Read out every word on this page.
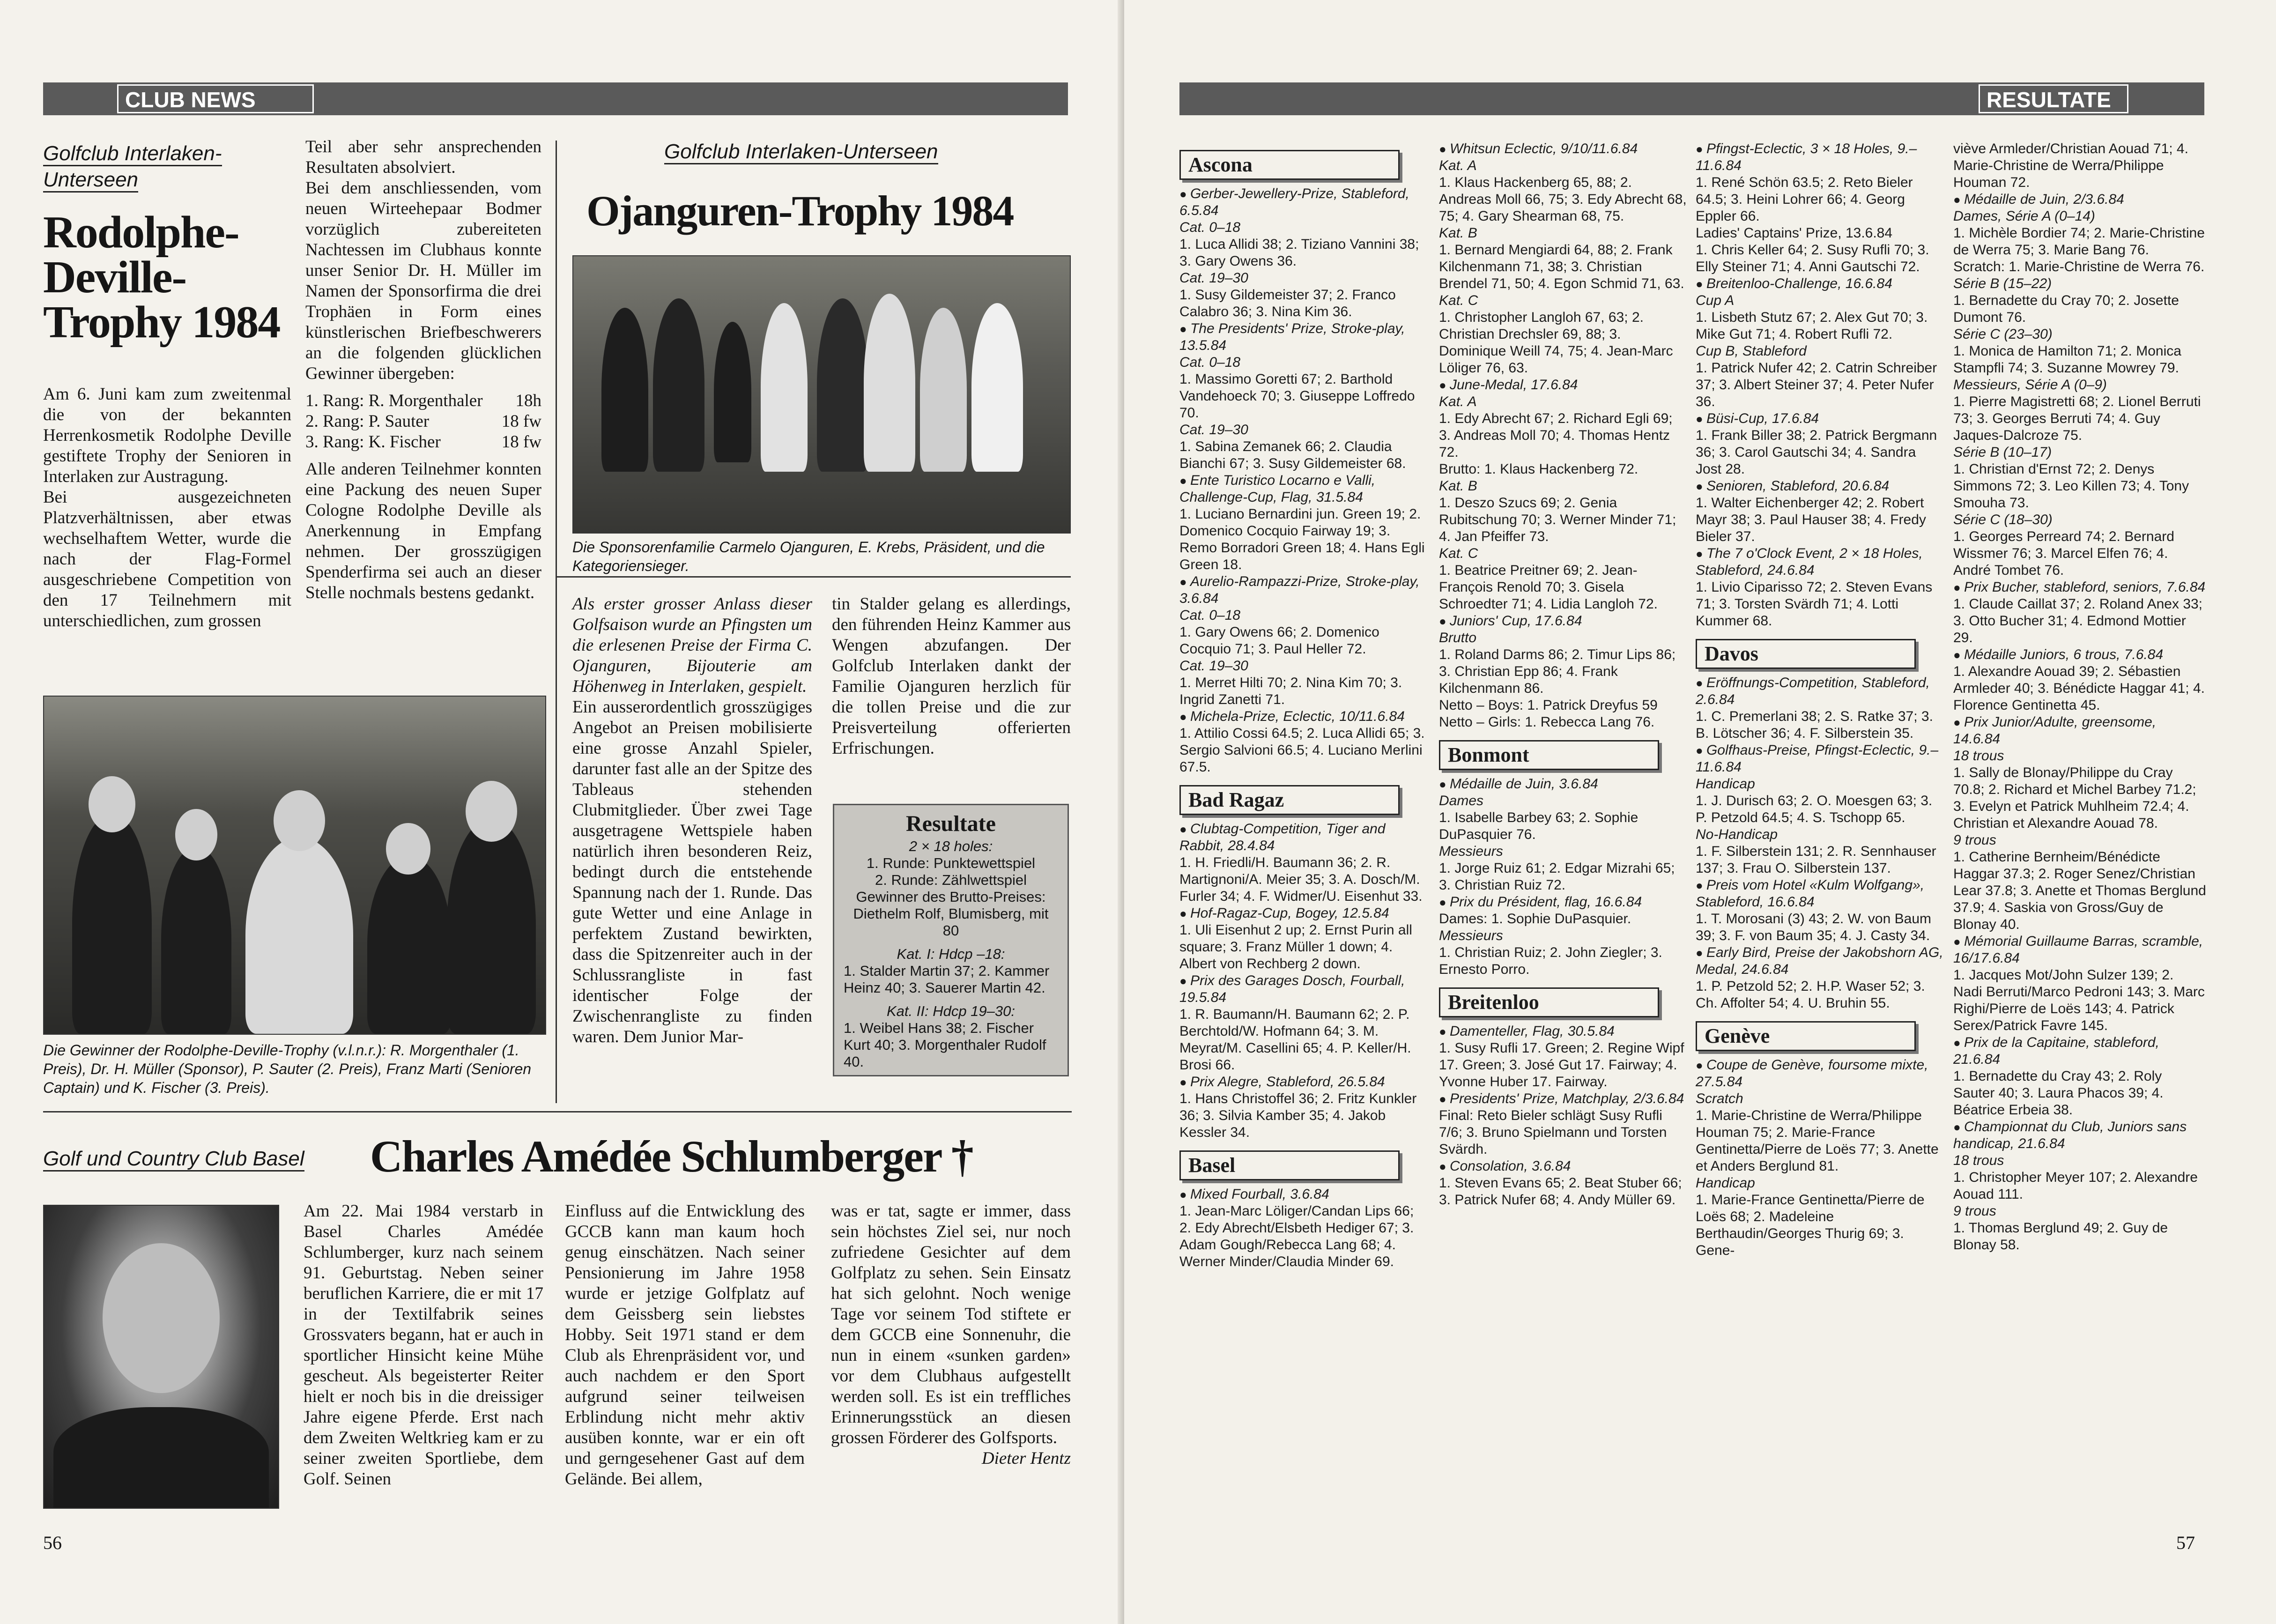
CLUB NEWS
Golfclub Interlaken-Unterseen
Rodolphe-Deville-Trophy 1984

Am 6. Juni kam zum zweitenmal die von der bekannten Herrenkosmetik Rodolphe Deville gestiftete Trophy der Senioren in Interlaken zur Austragung.

Bei ausgezeichneten Platzverhältnissen, aber etwas wechselhaftem Wetter, wurde die nach der Flag-Formel ausgeschriebene Competition von den 17 Teilnehmern mit unterschiedlichen, zum grossen

Teil aber sehr ansprechenden Resultaten absolviert.

Bei dem anschliessenden, vom neuen Wirteehepaar Bodmer vorzüglich zubereiteten Nachtessen im Clubhaus konnte unser Senior Dr. H. Müller im Namen der Sponsorfirma die drei Trophäen in Form eines künstlerischen Briefbeschwerers an die folgenden glücklichen Gewinner übergeben:

1. Rang: R. Morgenthaler 18h
2. Rang: P. Sauter	18 fw
3. Rang: K. Fischer	18 fw

Alle anderen Teilnehmer konnten eine Packung des neuen Super Cologne Rodolphe Deville als Anerkennung in Empfang nehmen. Der grosszügigen Spenderfirma sei auch an dieser Stelle nochmals bestens gedankt.

Die Gewinner der Rodolphe-Deville-Trophy (v.l.n.r.): R. Morgenthaler (1. Preis), Dr. H. Müller (Sponsor), P. Sauter (2. Preis), Franz Marti (Senioren Captain) und K. Fischer (3. Preis).
Golfclub Interlaken-Unterseen
Ojanguren-Trophy 1984
Die Sponsorenfamilie Carmelo Ojanguren, E. Krebs, Präsident, und die Kategoriensieger.

Als erster grosser Anlass dieser Golfsaison wurde an Pfingsten um die erlesenen Preise der Firma C. Ojanguren, Bijouterie am Höhenweg in Interlaken, gespielt.

Ein ausserordentlich grosszügiges Angebot an Preisen mobilisierte eine grosse Anzahl Spieler, darunter fast alle an der Spitze des Tableaus stehenden Clubmitglieder. Über zwei Tage ausgetragene Wettspiele haben natürlich ihren besonderen Reiz, bedingt durch die entstehende Spannung nach der 1. Runde. Das gute Wetter und eine Anlage in perfektem Zustand bewirkten, dass die Spitzenreiter auch in der Schlussrangliste in fast identischer Folge der Zwischenrangliste zu finden waren. Dem Junior Mar-

tin Stalder gelang es allerdings, den führenden Heinz Kammer aus Wengen abzufangen. Der Golfclub Interlaken dankt der Familie Ojanguren herzlich für die tollen Preise und die zur Preisverteilung offerierten Erfrischungen.

Resultate
2 × 18 holes:
1. Runde: Punktewettspiel
2. Runde: Zählwettspiel
Gewinner des Brutto-Preises:
Diethelm Rolf, Blumisberg, mit 80
Kat. I: Hdcp –18:
1. Stalder Martin 37; 2. Kammer Heinz 40; 3. Sauerer Martin 42.
Kat. II: Hdcp 19–30:
1. Weibel Hans 38; 2. Fischer Kurt 40; 3. Morgenthaler Rudolf 40.
Golf und Country Club Basel	Charles Amédée Schlumberger †
Am 22. Mai 1984 verstarb in Basel Charles Amédée Schlumberger, kurz nach seinem 91. Geburtstag. Neben seiner beruflichen Karriere, die er mit 17 in der Textilfabrik seines Grossvaters begann, hat er auch in sportlicher Hinsicht keine Mühe gescheut. Als begeisterter Reiter hielt er noch bis in die dreissiger Jahre eigene Pferde. Erst nach dem Zweiten Weltkrieg kam er zu seiner zweiten Sportliebe, dem Golf. Seinen
Einfluss auf die Entwicklung des GCCB kann man kaum hoch genug einschätzen. Nach seiner Pensionierung im Jahre 1958 wurde er jetzige Golfplatz auf dem Geissberg sein liebstes Hobby. Seit 1971 stand er dem Club als Ehrenpräsident vor, und auch nachdem er den Sport aufgrund seiner teilweisen Erblindung nicht mehr aktiv ausüben konnte, war er ein oft und gerngesehener Gast auf dem Gelände. Bei allem,

was er tat, sagte er immer, dass sein höchstes Ziel sei, nur noch zufriedene Gesichter auf dem Golfplatz zu sehen. Sein Einsatz hat sich gelohnt. Noch wenige Tage vor seinem Tod stiftete er dem GCCB eine Sonnenuhr, die nun in einem «sunken garden» vor dem Clubhaus aufgestellt werden soll. Es ist ein treffliches Erinnerungsstück an diesen grossen Förderer des Golfsports.

Dieter Hentz

56
RESULTATE
Ascona
● Gerber-Jewellery-Prize, Stableford, 6.5.84
Cat. 0–18
1. Luca Allidi 38; 2. Tiziano Vannini 38; 3. Gary Owens 36.
Cat. 19–30
1. Susy Gildemeister 37; 2. Franco Calabro 36; 3. Nina Kim 36.
● The Presidents' Prize, Stroke-play, 13.5.84
Cat. 0–18
1. Massimo Goretti 67; 2. Barthold Vandehoeck 70; 3. Giuseppe Loffredo 70.
Cat. 19–30
1. Sabina Zemanek 66; 2. Claudia Bianchi 67; 3. Susy Gildemeister 68.
● Ente Turistico Locarno e Valli, Challenge-Cup, Flag, 31.5.84
1. Luciano Bernardini jun. Green 19; 2. Domenico Cocquio Fairway 19; 3. Remo Borradori Green 18; 4. Hans Egli Green 18.
● Aurelio-Rampazzi-Prize, Stroke-play, 3.6.84
Cat. 0–18
1. Gary Owens 66; 2. Domenico Cocquio 71; 3. Paul Heller 72.
Cat. 19–30
1. Merret Hilti 70; 2. Nina Kim 70; 3. Ingrid Zanetti 71.
● Michela-Prize, Eclectic, 10/11.6.84
1. Attilio Cossi 64.5; 2. Luca Allidi 65; 3. Sergio Salvioni 66.5; 4. Luciano Merlini 67.5.
Bad Ragaz
● Clubtag-Competition, Tiger and Rabbit, 28.4.84
1. H. Friedli/H. Baumann 36; 2. R. Martignoni/A. Meier 35; 3. A. Dosch/M. Furler 34; 4. F. Widmer/U. Eisenhut 33.
● Hof-Ragaz-Cup, Bogey, 12.5.84
1. Uli Eisenhut 2 up; 2. Ernst Purin all square; 3. Franz Müller 1 down; 4. Albert von Rechberg 2 down.
● Prix des Garages Dosch, Fourball, 19.5.84
1. R. Baumann/H. Baumann 62; 2. P. Berchtold/W. Hofmann 64; 3. M. Meyrat/M. Casellini 65; 4. P. Keller/H. Brosi 66.
● Prix Alegre, Stableford, 26.5.84
1. Hans Christoffel 36; 2. Fritz Kunkler 36; 3. Silvia Kamber 35; 4. Jakob Kessler 34.
Basel
● Mixed Fourball, 3.6.84
1. Jean-Marc Löliger/Candan Lips 66; 2. Edy Abrecht/Elsbeth Hediger 67; 3. Adam Gough/Rebecca Lang 68; 4. Werner Minder/Claudia Minder 69.
● Whitsun Eclectic, 9/10/11.6.84
Kat. A
1. Klaus Hackenberg 65, 88; 2. Andreas Moll 66, 75; 3. Edy Abrecht 68, 75; 4. Gary Shearman 68, 75.
Kat. B
1. Bernard Mengiardi 64, 88; 2. Frank Kilchenmann 71, 38; 3. Christian Brendel 71, 50; 4. Egon Schmid 71, 63.
Kat. C
1. Christopher Langloh 67, 63; 2. Christian Drechsler 69, 88; 3. Dominique Weill 74, 75; 4. Jean-Marc Löliger 76, 63.
● June-Medal, 17.6.84
Kat. A
1. Edy Abrecht 67; 2. Richard Egli 69; 3. Andreas Moll 70; 4. Thomas Hentz 72.
Brutto: 1. Klaus Hackenberg 72.
Kat. B
1. Deszo Szucs 69; 2. Genia Rubitschung 70; 3. Werner Minder 71; 4. Jan Pfeiffer 73.
Kat. C
1. Beatrice Preitner 69; 2. Jean-François Renold 70; 3. Gisela Schroedter 71; 4. Lidia Langloh 72.
● Juniors' Cup, 17.6.84
Brutto
1. Roland Darms 86; 2. Timur Lips 86; 3. Christian Epp 86; 4. Frank Kilchenmann 86.
Netto – Boys: 1. Patrick Dreyfus 59
Netto – Girls: 1. Rebecca Lang 76.
Bonmont
● Médaille de Juin, 3.6.84
Dames
1. Isabelle Barbey 63; 2. Sophie DuPasquier 76.
Messieurs
1. Jorge Ruiz 61; 2. Edgar Mizrahi 65; 3. Christian Ruiz 72.
● Prix du Président, flag, 16.6.84
Dames: 1. Sophie DuPasquier.
Messieurs
1. Christian Ruiz; 2. John Ziegler; 3. Ernesto Porro.
Breitenloo
● Damenteller, Flag, 30.5.84
1. Susy Rufli 17. Green; 2. Regine Wipf 17. Green; 3. José Gut 17. Fairway; 4. Yvonne Huber 17. Fairway.
● Presidents' Prize, Matchplay, 2/3.6.84
Final: Reto Bieler schlägt Susy Rufli 7/6; 3. Bruno Spielmann und Torsten Svärdh.
● Consolation, 3.6.84
1. Steven Evans 65; 2. Beat Stuber 66; 3. Patrick Nufer 68; 4. Andy Müller 69.
● Pfingst-Eclectic, 3 × 18 Holes, 9.–11.6.84
1. René Schön 63.5; 2. Reto Bieler 64.5; 3. Heini Lohrer 66; 4. Georg Eppler 66.
Ladies' Captains' Prize, 13.6.84
1. Chris Keller 64; 2. Susy Rufli 70; 3. Elly Steiner 71; 4. Anni Gautschi 72.
● Breitenloo-Challenge, 16.6.84
Cup A
1. Lisbeth Stutz 67; 2. Alex Gut 70; 3. Mike Gut 71; 4. Robert Rufli 72.
Cup B, Stableford
1. Patrick Nufer 42; 2. Catrin Schreiber 37; 3. Albert Steiner 37; 4. Peter Nufer 36.
● Büsi-Cup, 17.6.84
1. Frank Biller 38; 2. Patrick Bergmann 36; 3. Carol Gautschi 34; 4. Sandra Jost 28.
● Senioren, Stableford, 20.6.84
1. Walter Eichenberger 42; 2. Robert Mayr 38; 3. Paul Hauser 38; 4. Fredy Bieler 37.
● The 7 o'Clock Event, 2 × 18 Holes, Stableford, 24.6.84
1. Livio Ciparisso 72; 2. Steven Evans 71; 3. Torsten Svärdh 71; 4. Lotti Kummer 68.
Davos
● Eröffnungs-Competition, Stableford, 2.6.84
1. C. Premerlani 38; 2. S. Ratke 37; 3. B. Lötscher 36; 4. F. Silberstein 35.
● Golfhaus-Preise, Pfingst-Eclectic, 9.–11.6.84
Handicap
1. J. Durisch 63; 2. O. Moesgen 63; 3. P. Petzold 64.5; 4. S. Tschopp 65.
No-Handicap
1. F. Silberstein 131; 2. R. Sennhauser 137; 3. Frau O. Silberstein 137.
● Preis vom Hotel «Kulm Wolfgang», Stableford, 16.6.84
1. T. Morosani (3) 43; 2. W. von Baum 39; 3. F. von Baum 35; 4. J. Casty 34.
● Early Bird, Preise der Jakobshorn AG, Medal, 24.6.84
1. P. Petzold 52; 2. H.P. Waser 52; 3. Ch. Affolter 54; 4. U. Bruhin 55.
Genève
● Coupe de Genève, foursome mixte, 27.5.84
Scratch
1. Marie-Christine de Werra/Philippe Houman 75; 2. Marie-France Gentinetta/Pierre de Loës 77; 3. Anette et Anders Berglund 81.
Handicap
1. Marie-France Gentinetta/Pierre de Loës 68; 2. Madeleine Berthaudin/Georges Thurig 69; 3. Gene-
viève Armleder/Christian Aouad 71; 4. Marie-Christine de Werra/Philippe Houman 72.
● Médaille de Juin, 2/3.6.84
Dames, Série A (0–14)
1. Michèle Bordier 74; 2. Marie-Christine de Werra 75; 3. Marie Bang 76.
Scratch: 1. Marie-Christine de Werra 76.
Série B (15–22)
1. Bernadette du Cray 70; 2. Josette Dumont 76.
Série C (23–30)
1. Monica de Hamilton 71; 2. Monica Stampfli 74; 3. Suzanne Mowrey 79.
Messieurs, Série A (0–9)
1. Pierre Magistretti 68; 2. Lionel Berruti 73; 3. Georges Berruti 74; 4. Guy Jaques-Dalcroze 75.
Série B (10–17)
1. Christian d'Ernst 72; 2. Denys Simmons 72; 3. Leo Killen 73; 4. Tony Smouha 73.
Série C (18–30)
1. Georges Perreard 74; 2. Bernard Wissmer 76; 3. Marcel Elfen 76; 4. André Tombet 76.
● Prix Bucher, stableford, seniors, 7.6.84
1. Claude Caillat 37; 2. Roland Anex 33; 3. Otto Bucher 31; 4. Edmond Mottier 29.
● Médaille Juniors, 6 trous, 7.6.84
1. Alexandre Aouad 39; 2. Sébastien Armleder 40; 3. Bénédicte Haggar 41; 4. Florence Gentinetta 45.
● Prix Junior/Adulte, greensome, 14.6.84
18 trous
1. Sally de Blonay/Philippe du Cray 70.8; 2. Richard et Michel Barbey 71.2; 3. Evelyn et Patrick Muhlheim 72.4; 4. Christian et Alexandre Aouad 78.
9 trous
1. Catherine Bernheim/Bénédicte Haggar 37.3; 2. Roger Senez/Christian Lear 37.8; 3. Anette et Thomas Berglund 37.9; 4. Saskia von Gross/Guy de Blonay 40.
● Mémorial Guillaume Barras, scramble, 16/17.6.84
1. Jacques Mot/John Sulzer 139; 2. Nadi Berruti/Marco Pedroni 143; 3. Marc Righi/Pierre de Loës 143; 4. Patrick Serex/Patrick Favre 145.
● Prix de la Capitaine, stableford, 21.6.84
1. Bernadette du Cray 43; 2. Roly Sauter 40; 3. Laura Phacos 39; 4. Béatrice Erbeia 38.
● Championnat du Club, Juniors sans handicap, 21.6.84
18 trous
1. Christopher Meyer 107; 2. Alexandre Aouad 111.
9 trous
1. Thomas Berglund 49; 2. Guy de Blonay 58.
57
